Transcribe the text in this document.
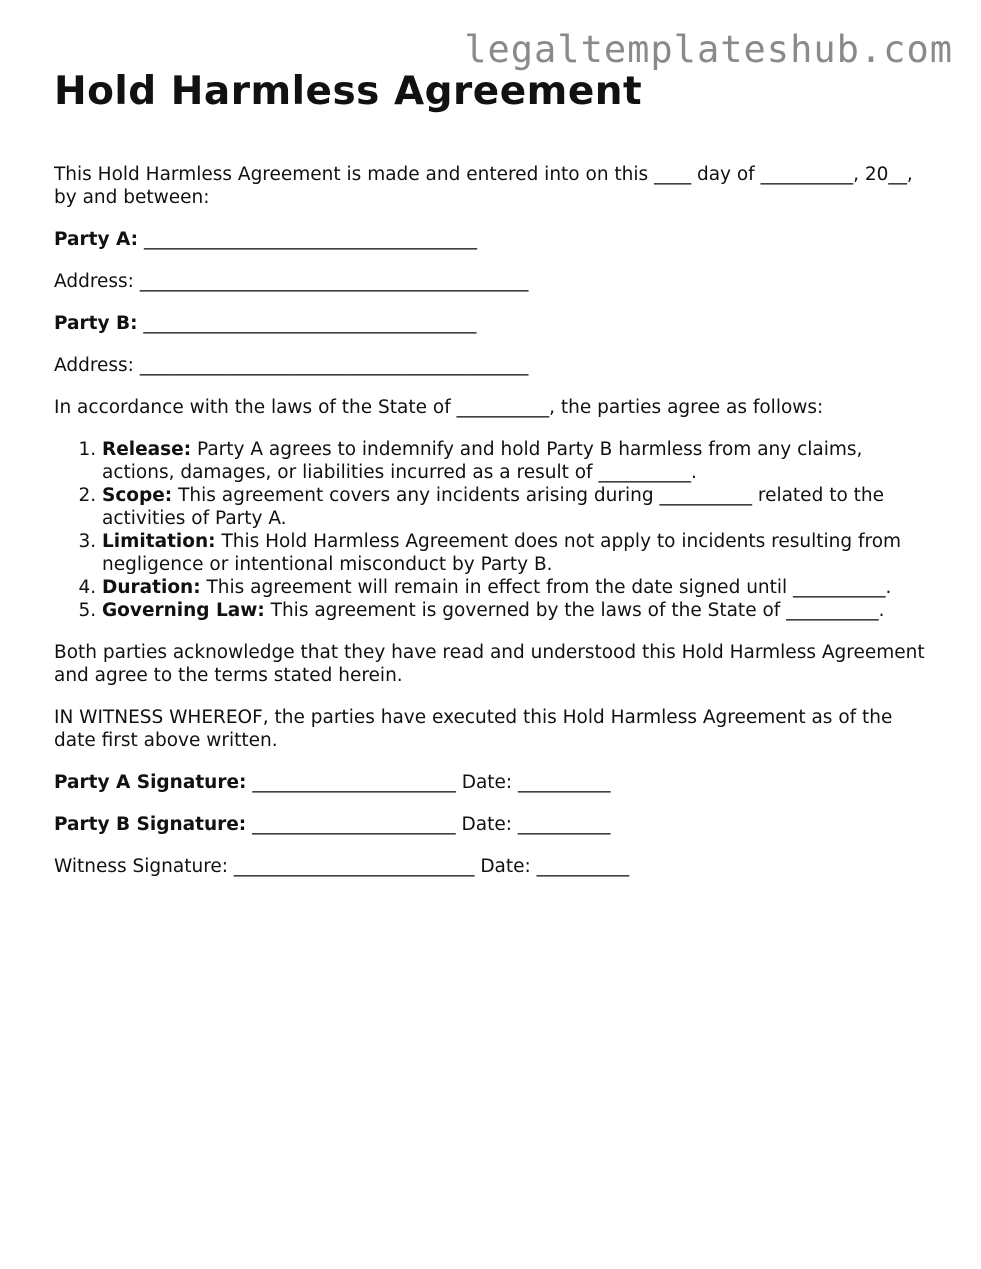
legaltemplateshub.com
Hold Harmless Agreement

This Hold Harmless Agreement is made and entered into on this ____ day of __________, 20__, by and between:

Party A: ____________________________________

Address: __________________________________________

Party B: ____________________________________

Address: __________________________________________

In accordance with the laws of the State of __________, the parties agree as follows:

1. Release: Party A agrees to indemnify and hold Party B harmless from any claims, actions, damages, or liabilities incurred as a result of __________.
2. Scope: This agreement covers any incidents arising during __________ related to the activities of Party A.
3. Limitation: This Hold Harmless Agreement does not apply to incidents resulting from negligence or intentional misconduct by Party B.
4. Duration: This agreement will remain in effect from the date signed until __________.
5. Governing Law: This agreement is governed by the laws of the State of __________.

Both parties acknowledge that they have read and understood this Hold Harmless Agreement and agree to the terms stated herein.

IN WITNESS WHEREOF, the parties have executed this Hold Harmless Agreement as of the date first above written.

Party A Signature: ______________________ Date: __________

Party B Signature: ______________________ Date: __________

Witness Signature: __________________________ Date: __________
